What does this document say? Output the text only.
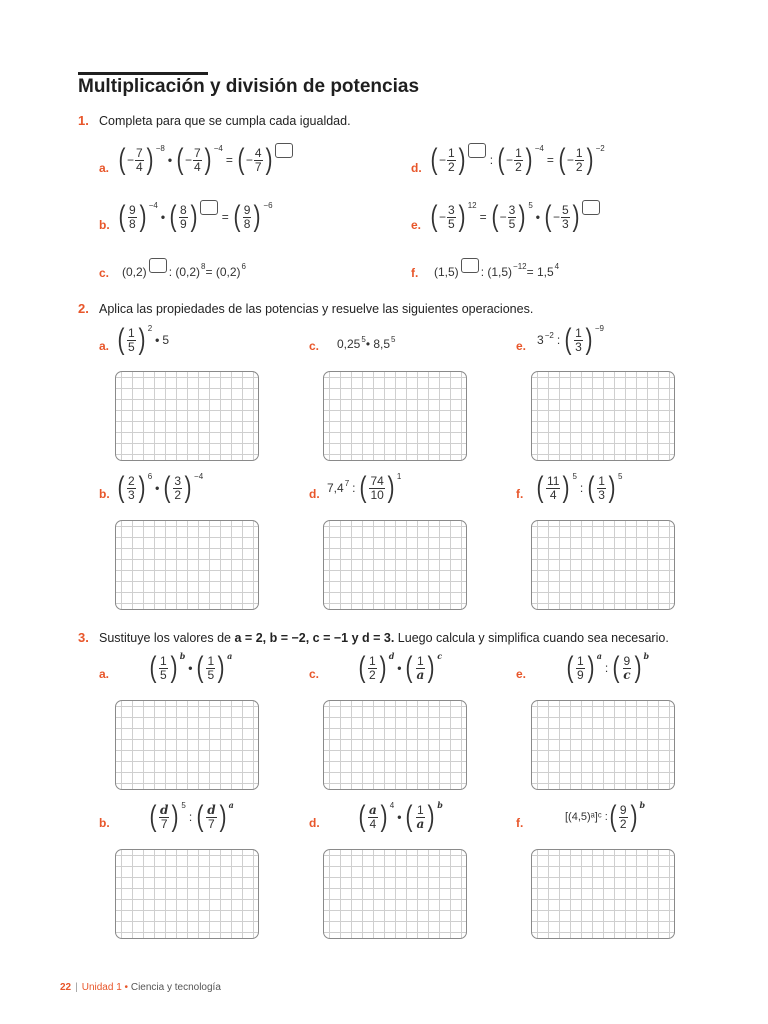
Multiplicación y división de potencias
1. Completa para que se cumpla cada igualdad.
a. ( − $\frac{7}{4}$ ) −8
• ( − $\frac{7}{4}$ ) −4
= ( − $\frac{4}{7}$ )	d. ( − $\frac{1}{2}$ ) : ( − $\frac{1}{2}$ ) −4
= ( − $\frac{1}{2}$ ) −2
b. ( $\frac{9}{8}$ ) −4
• ( $\frac{8}{9}$ ) = ( $\frac{9}{8}$ ) −6
e. ( − $\frac{3}{5}$ ) 12
= ( − $\frac{3}{5}$ ) 5
• ( − $\frac{5}{3}$ )
c. (0,2) : (0,2) 8 = (0,2) 6	f. (1,5) : (1,5) −12 = 1,5 4
2. Aplica las propiedades de las potencias y resuelve las siguientes operaciones.
a. ( $\frac{1}{5}$ ) 2
• 5	c. 0,25 5 • 8,5 5	e. 3 −2 : ( $\frac{1}{3}$ ) −9
b. ( $\frac{2}{3}$ ) 6
• ( $\frac{3}{2}$ ) −4
d. 7,4 7 : ( $\frac{74}{10}$ ) 1
f. ( $\frac{11}{4}$ ) 5
: ( $\frac{1}{3}$ ) 5
3. Sustituye los valores de a = 2, b = −2, c = −1 y d = 3. Luego calcula y simplifica cuando sea necesario.
a. ( $\frac{1}{5}$ ) b
• ( $\frac{1}{5}$ ) a
c. ( $\frac{1}{2}$ ) d
• ( $\frac{1}{a}$ ) c
e. ( $\frac{1}{9}$ ) a
: ( $\frac{9}{c}$ ) b
b. ( $\frac{d}{7}$ ) 5
: ( $\frac{d}{7}$ ) a
d. ( $\frac{a}{4}$ ) 4
• ( $\frac{1}{a}$ ) b
f.	[(4,5)ᵃ]ᶜ : ( $\frac{9}{2}$ ) b
22 | Unidad 1 • Ciencia y tecnología
